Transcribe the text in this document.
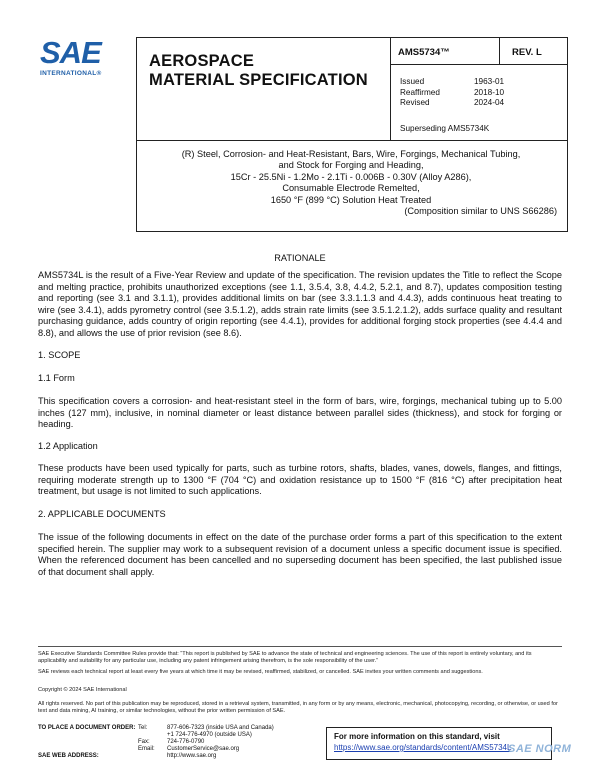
SAE
INTERNATIONAL®
AEROSPACE
MATERIAL SPECIFICATION
AMS5734™	REV. L
Issued	1963-01
Reaffirmed	2018-10
Revised	2024-04
Superseding AMS5734K
(R) Steel, Corrosion- and Heat-Resistant, Bars, Wire, Forgings, Mechanical Tubing,
and Stock for Forging and Heading,
15Cr - 25.5Ni - 1.2Mo - 2.1Ti - 0.006B - 0.30V (Alloy A286),
Consumable Electrode Remelted,
1650 °F (899 °C) Solution Heat Treated
(Composition similar to UNS S66286)
RATIONALE
AMS5734L is the result of a Five-Year Review and update of the specification. The revision updates the Title to reflect the Scope and melting practice, prohibits unauthorized exceptions (see 1.1, 3.5.4, 3.8, 4.4.2, 5.2.1, and 8.7), updates composition testing and reporting (see 3.1 and 3.1.1), provides additional limits on bar (see 3.3.1.1.3 and 4.4.3), adds continuous heat treating to wire (see 3.4.1), adds pyrometry control (see 3.5.1.2), adds strain rate limits (see 3.5.1.2.1.2), adds surface quality and resultant purchasing guidance, adds country of origin reporting (see 4.4.1), provides for additional forging stock properties (see 4.4.4 and 8.8), and allows the use of prior revision (see 8.6).
1. SCOPE
1.1 Form
This specification covers a corrosion- and heat-resistant steel in the form of bars, wire, forgings, mechanical tubing up to 5.00 inches (127 mm), inclusive, in nominal diameter or least distance between parallel sides (thickness), and stock for forging or heading.
1.2 Application
These products have been used typically for parts, such as turbine rotors, shafts, blades, vanes, dowels, flanges, and fittings, requiring moderate strength up to 1300 °F (704 °C) and oxidation resistance up to 1500 °F (816 °C) after precipitation heat treatment, but usage is not limited to such applications.
2. APPLICABLE DOCUMENTS
The issue of the following documents in effect on the date of the purchase order forms a part of this specification to the extent specified herein. The supplier may work to a subsequent revision of a document unless a specific document issue is specified. When the referenced document has been cancelled and no superseding document has been specified, the last published issue of that document shall apply.
SAE Executive Standards Committee Rules provide that: “This report is published by SAE to advance the state of technical and engineering sciences. The use of this report is entirely voluntary, and its applicability and suitability for any particular use, including any patent infringement arising therefrom, is the sole responsibility of the user.”
SAE reviews each technical report at least every five years at which time it may be revised, reaffirmed, stabilized, or cancelled. SAE invites your written comments and suggestions.
Copyright © 2024 SAE International
All rights reserved. No part of this publication may be reproduced, stored in a retrieval system, transmitted, in any form or by any means, electronic, mechanical, photocopying, recording, or otherwise, or used for text and data mining, AI training, or similar technologies, without the prior written permission of SAE.
TO PLACE A DOCUMENT ORDER: Tel:	877-606-7323 (inside USA and Canada)
+1 724-776-4970 (outside USA)
Fax:	724-776-0790
Email: CustomerService@sae.org
SAE WEB ADDRESS:	http://www.sae.org
For more information on this standard, visit
https://www.sae.org/standards/content/AMS5734L
SAE NORM
